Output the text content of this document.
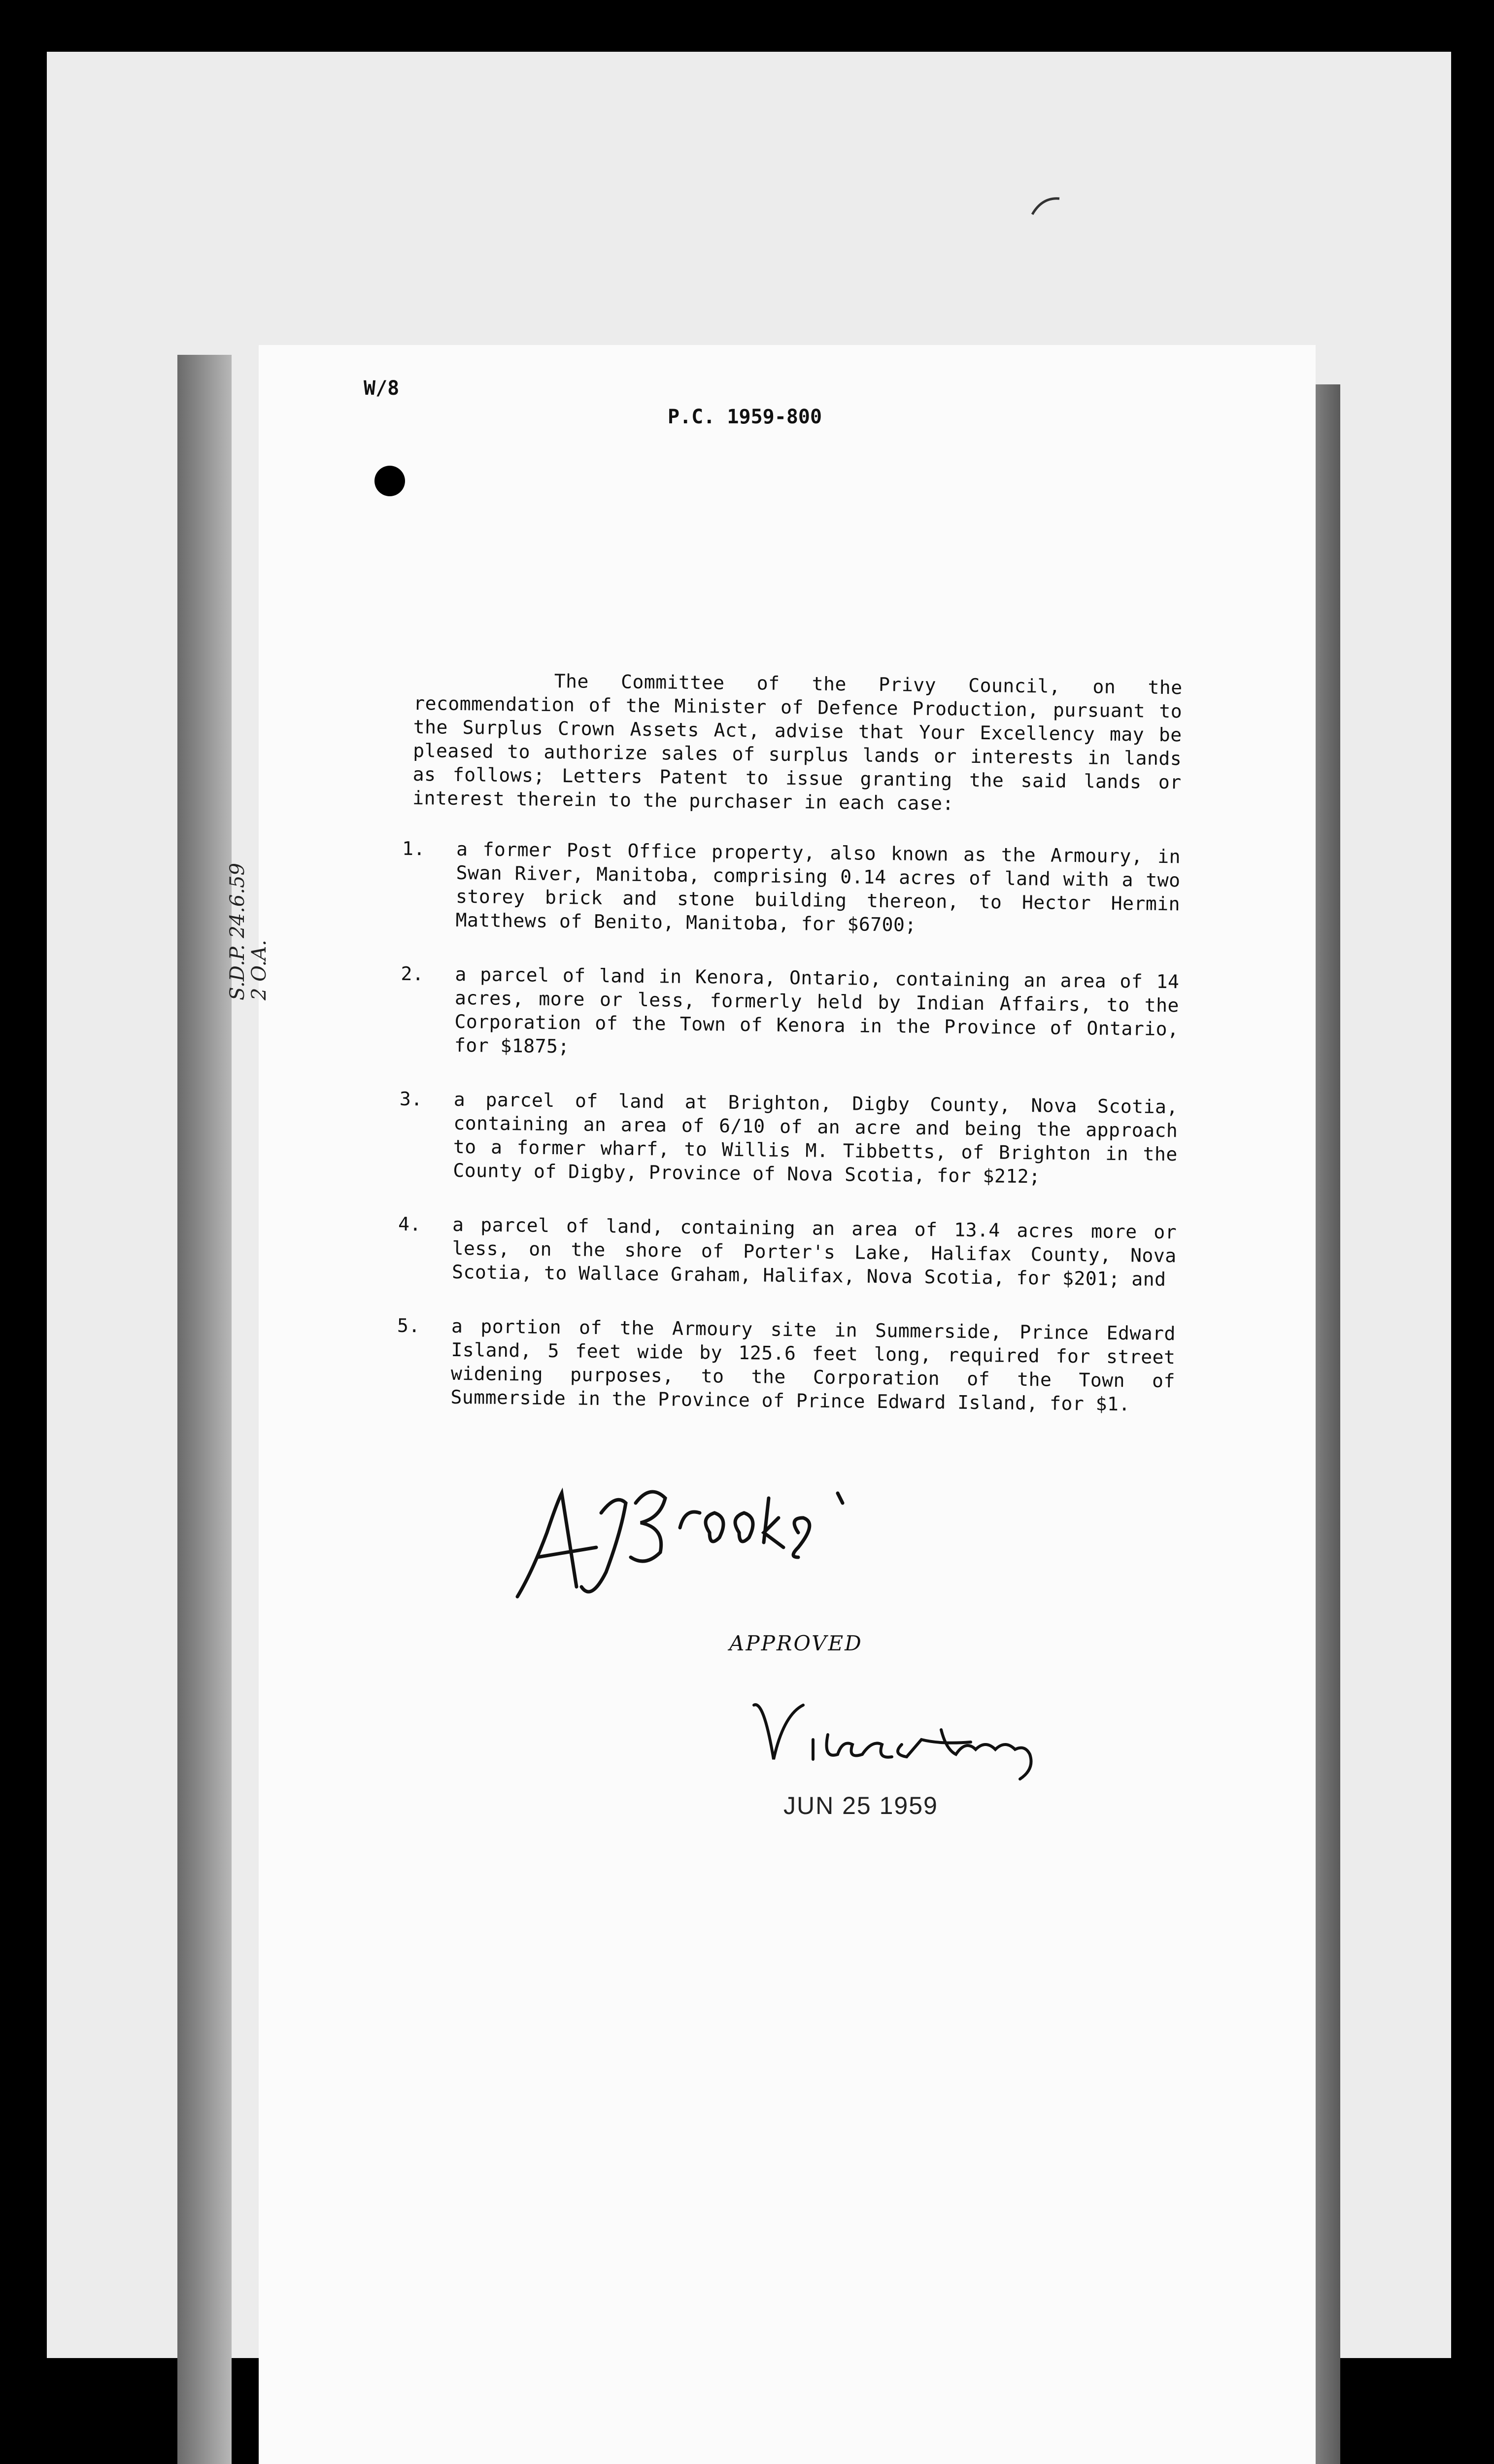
W/8
P.C. 1959-800
S.D.P. 24.6.59
2 O.A.

The Committee of the Privy Council, on the recommendation of the Minister of Defence Production, pursuant to the Surplus Crown Assets Act, advise that Your Excellency may be pleased to authorize sales of surplus lands or interests in lands as follows; Letters Patent to issue granting the said lands or interest therein to the purchaser in each case:

1.	a former Post Office property, also known as the Armoury, in Swan River, Manitoba, comprising 0.14 acres of land with a two storey brick and stone building thereon, to Hector Hermin Matthews of Benito, Manitoba, for $6700;
2.	a parcel of land in Kenora, Ontario, containing an area of 14 acres, more or less, formerly held by Indian Affairs, to the Corporation of the Town of Kenora in the Province of Ontario, for $1875;
3.	a parcel of land at Brighton, Digby County, Nova Scotia, containing an area of 6/10 of an acre and being the approach to a former wharf, to Willis M. Tibbetts, of Brighton in the County of Digby, Province of Nova Scotia, for $212;
4.	a parcel of land, containing an area of 13.4 acres more or less, on the shore of Porter's Lake, Halifax County, Nova Scotia, to Wallace Graham, Halifax, Nova Scotia, for $201; and
5.	a portion of the Armoury site in Summerside, Prince Edward Island, 5 feet wide by 125.6 feet long, required for street widening purposes, to the Corporation of the Town of Summerside in the Province of Prince Edward Island, for $1.
APPROVED
JUN 25 1959
